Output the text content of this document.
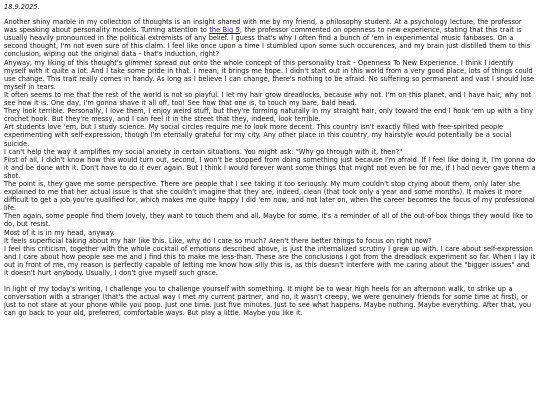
18.9.2025.

Another shiny marble in my collection of thoughts is an insight shared with me by my friend, a philosophy student. At a psychology lecture, the professor was speaking about personality models. Turning attention to the Big 5, the professor commented on openness to new experience, stating that this trait is usually heavily pronounced in the political extremists of any belief. I guess that's why I often find a bunch of 'em in experimental music fanbases. On a second thought, I'm not even sure of this claim. I feel like once upon a time I stumbled upon some such occurences, and my brain just distilled them to this conclusion, wiping out the original data - that's induction, right?

Anyway, my liking of this thought's glimmer spread out onto the whole concept of this personality trait - Openness To New Experience. I think I identify myself with it quite a lot. And I take some pride in that. I mean, it brings me hope. I didn't start out in this world from a very good place, lots of things could use change. This trait really comes in handy. As long as I believe I can change, there's nothing to be afraid. No suffering so permanent and vast I should lose myself in tears.

It often seems to me that the rest of the world is not so playful. I let my hair grow dreadlocks, because why not. I'm on this planet, and I have hair, why not see how it is. One day, I'm gonna shave it all off, too! See how that one is, to touch my bare, bald head.

They look terrible. Personally, I love them, I enjoy weird stuff, but they're forming naturally in my straight hair, only toward the end I hook 'em up with a tiny crochet hook. But they're messy, and I can feel it in the street that they, indeed, look terrible.

Art students love 'em, but I study science. My social circles require me to look more decent. This country isn't exactly filled with free-spirited people experimenting with self-expression, though I'm eternally grateful for my city. Any other place in this country, my hairstyle would potentially be a social suicide.

I can't help the way it amplifies my social anxiety in certain situations. You might ask: "Why go through with it, then?"

First of all, I didn't know how this would turn out, second, I won't be stopped from doing something just because I'm afraid. If I feel like doing it, I'm gonna do it and be done with it. Don't have to do it ever again. But I think I would forever want some things that might not even be for me, if I had never gave them a shot.

The point is, they gave me some perspective. There are people that I see taking it too seriously. My mum couldn't stop crying about them, only later she explained to me that her actual issue is that she couldn't imagine that they are, indeed, clean (that took only a year and some months). It makes it more difficult to get a job you're qualified for, which makes me quite happy I did 'em now, and not later on, when the career becomes the focus of my professional life.

Then again, some people find them lovely, they want to touch them and all. Maybe for some, it's a reminder of all of the out-of-box things they would like to do, but resist.

Most of it is in my head, anyway.

It feels superficial taking about my hair like this. Like, why do I care so much? Aren't there better things to focus on right now?

I feel this criticism, together with the whole cocktail of emotions described above, is just the internalized scrutiny I grew up with. I care about self-expression and I care about how people see me and I find this to make me less-than. These are the conclusions I got from the dreadlock experiment so far. When I lay it out in front of me, my reason is perfectly capable of letting me know how silly this is, as this doesn't interfere with me caring about the "bigger issues" and it doesn't hurt anybody. Usually, I don't give myself such grace.

In light of my today's writing, I challenge you to challenge yourself with something. It might be to wear high heels for an afternoon walk, to strike up a conversation with a stranger (that's the actual way I met my current partner, and no, it wasn't creepy, we were genuinely friends for some time at first), or just to not stare at your phone while you poop. Just one time. Just five minutes. Just to see what happens. Maybe nothing. Maybe everything. After that, you can go back to your old, preferred, comfortable ways. But play a little. Maybe you like it.
